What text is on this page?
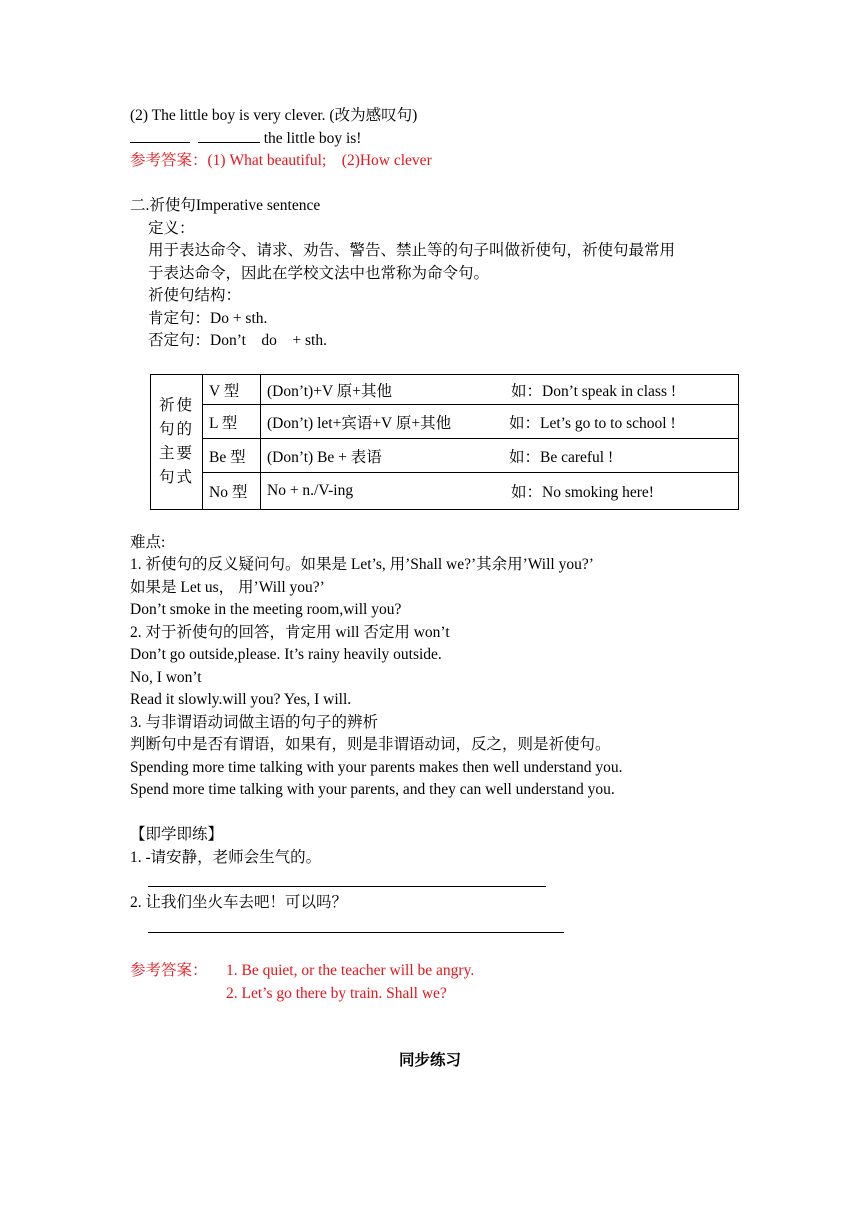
(2) The little boy is very clever. (改为感叹句)
the little boy is!
参考答案：(1) What beautiful;　(2)How clever
二.祈使句Imperative sentence
定义：
用于表达命令、请求、劝告、警告、禁止等的句子叫做祈使句，祈使句最常用
于表达命令，因此在学校文法中也常称为命令句。
祈使句结构：
肯定句：Do + sth.
否定句：Don’t　do　+ sth.
祈使句的主要句式	V 型	(Don’t)+V 原+其他 如：Don’t speak in class !

	L 型	(Don’t) let+宾语+V 原+其他 如：Let’s go to to school !

	Be 型	(Don’t) Be + 表语 如：Be careful !

	No 型	No + n./V-ing 如：No smoking here!
难点:
1. 祈使句的反义疑问句。如果是 Let’s, 用’Shall we?’其余用’Will you?’
如果是 Let us， 用’Will you?’
Don’t smoke in the meeting room,will you?
2. 对于祈使句的回答，肯定用 will 否定用 won’t
Don’t go outside,please. It’s rainy heavily outside.
No, I won’t
Read it slowly.will you? Yes, I will.
3. 与非谓语动词做主语的句子的辨析
判断句中是否有谓语，如果有，则是非谓语动词，反之，则是祈使句。
Spending more time talking with your parents makes then well understand you.
Spend more time talking with your parents, and they can well understand you.
【即学即练】
1. -请安静，老师会生气的。
2. 让我们坐火车去吧！可以吗？
参考答案： 1. Be quiet, or the teacher will be angry.
2. Let’s go there by train. Shall we?
同步练习
